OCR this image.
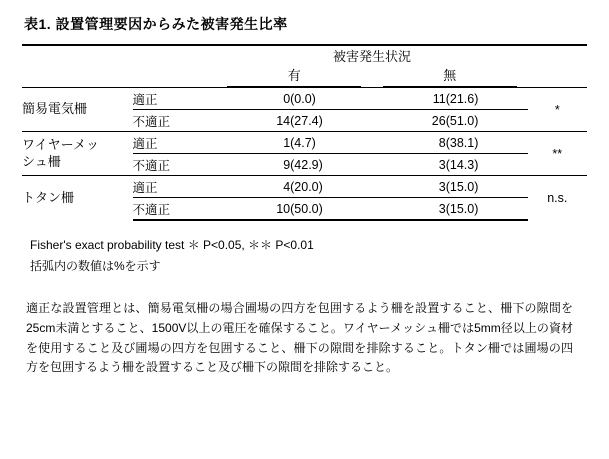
表1. 設置管理要因からみた被害発生比率
		被害発生状況				
		有		無		
簡易電気柵	適正	0	(0.0)	11	(21.6)	*
	不適正	14	(27.4)	26	(51.0)	

ワイヤーメッ
シュ柵	適正	1	(4.7)	8	(38.1)	**
	不適正	9	(42.9)	3	(14.3)	
トタン柵	適正	4	(20.0)	3	(15.0)	n.s.
	不適正	10	(50.0)	3	(15.0)	
Fisher's exact probability test ＊ P<0.05, ＊＊ P<0.01
括弧内の数値は%を示す
適正な設置管理とは、簡易電気柵の場合圃場の四方を包囲するよう柵を設置すること、柵下の隙間を25cm未満とすること、1500V以上の電圧を確保すること。ワイヤーメッシュ柵では5mm径以上の資材を使用すること及び圃場の四方を包囲すること、柵下の隙間を排除すること。トタン柵では圃場の四方を包囲するよう柵を設置すること及び柵下の隙間を排除すること。
